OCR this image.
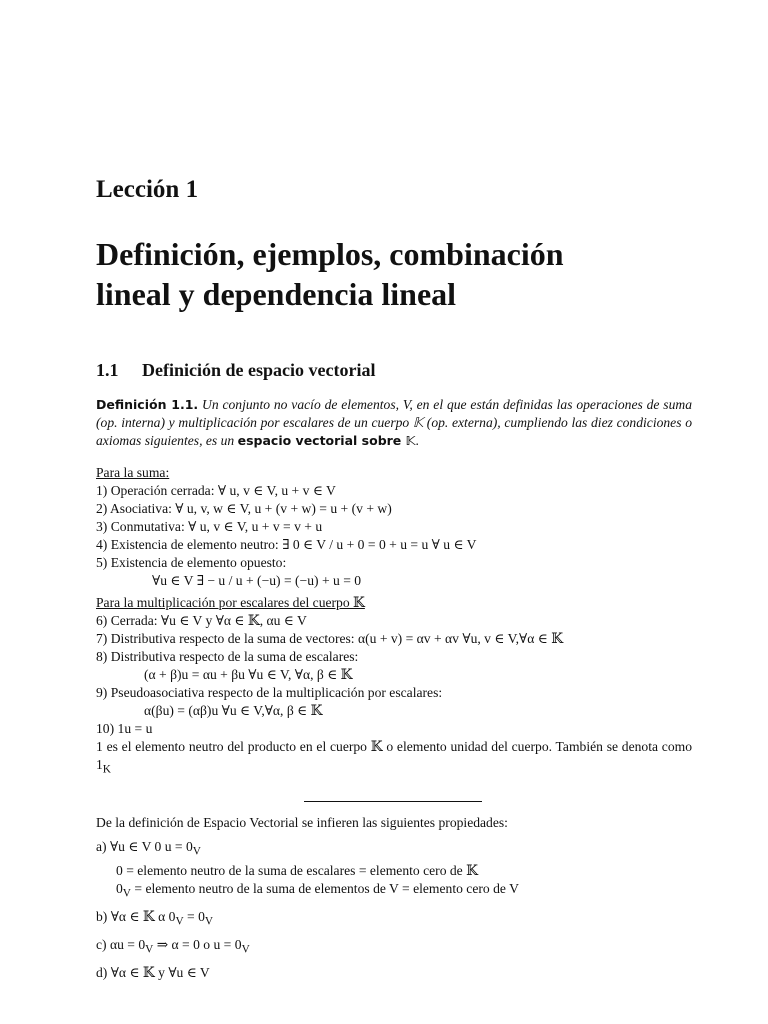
Lección 1
Definición, ejemplos, combinación
lineal y dependencia lineal
1.1 Definición de espacio vectorial

Definición 1.1. Un conjunto no vacío de elementos, V, en el que están definidas las operaciones de suma (op. interna) y multiplicación por escalares de un cuerpo 𝕂 (op. externa), cumpliendo las diez condiciones o axiomas siguientes, es un espacio vectorial sobre 𝕂.

Para la suma:

1) Operación cerrada: ∀ u, v ∈ V, u + v ∈ V

2) Asociativa: ∀ u, v, w ∈ V, u + (v + w) = u + (v + w)

3) Conmutativa: ∀ u, v ∈ V, u + v = v + u

4) Existencia de elemento neutro: ∃ 0 ∈ V / u + 0 = 0 + u = u ∀ u ∈ V

5) Existencia de elemento opuesto:

∀u ∈ V ∃ − u / u + (−u) = (−u) + u = 0

Para la multiplicación por escalares del cuerpo 𝕂

6) Cerrada: ∀u ∈ V y ∀α ∈ 𝕂, αu ∈ V

7) Distributiva respecto de la suma de vectores: α(u + v) = αv + αv ∀u, v ∈ V,∀α ∈ 𝕂

8) Distributiva respecto de la suma de escalares:

(α + β)u = αu + βu ∀u ∈ V, ∀α, β ∈ 𝕂

9) Pseudoasociativa respecto de la multiplicación por escalares:

α(βu) = (αβ)u ∀u ∈ V,∀α, β ∈ 𝕂

10) 1u = u

1 es el elemento neutro del producto en el cuerpo 𝕂 o elemento unidad del cuerpo. También se denota como $1_K$

De la definición de Espacio Vectorial se infieren las siguientes propiedades:

a) ∀u ∈ V 0 $u = 0_V$

0 = elemento neutro de la suma de escalares = elemento cero de 𝕂

$0_V$ = elemento neutro de la suma de elementos de V = elemento cero de V

b) ∀α ∈ 𝕂 α $0_V = 0_V$

c) $\alpha u = 0_V$ ⇒ α = 0 o $u = 0_V$

d) ∀α ∈ 𝕂 y ∀u ∈ V
